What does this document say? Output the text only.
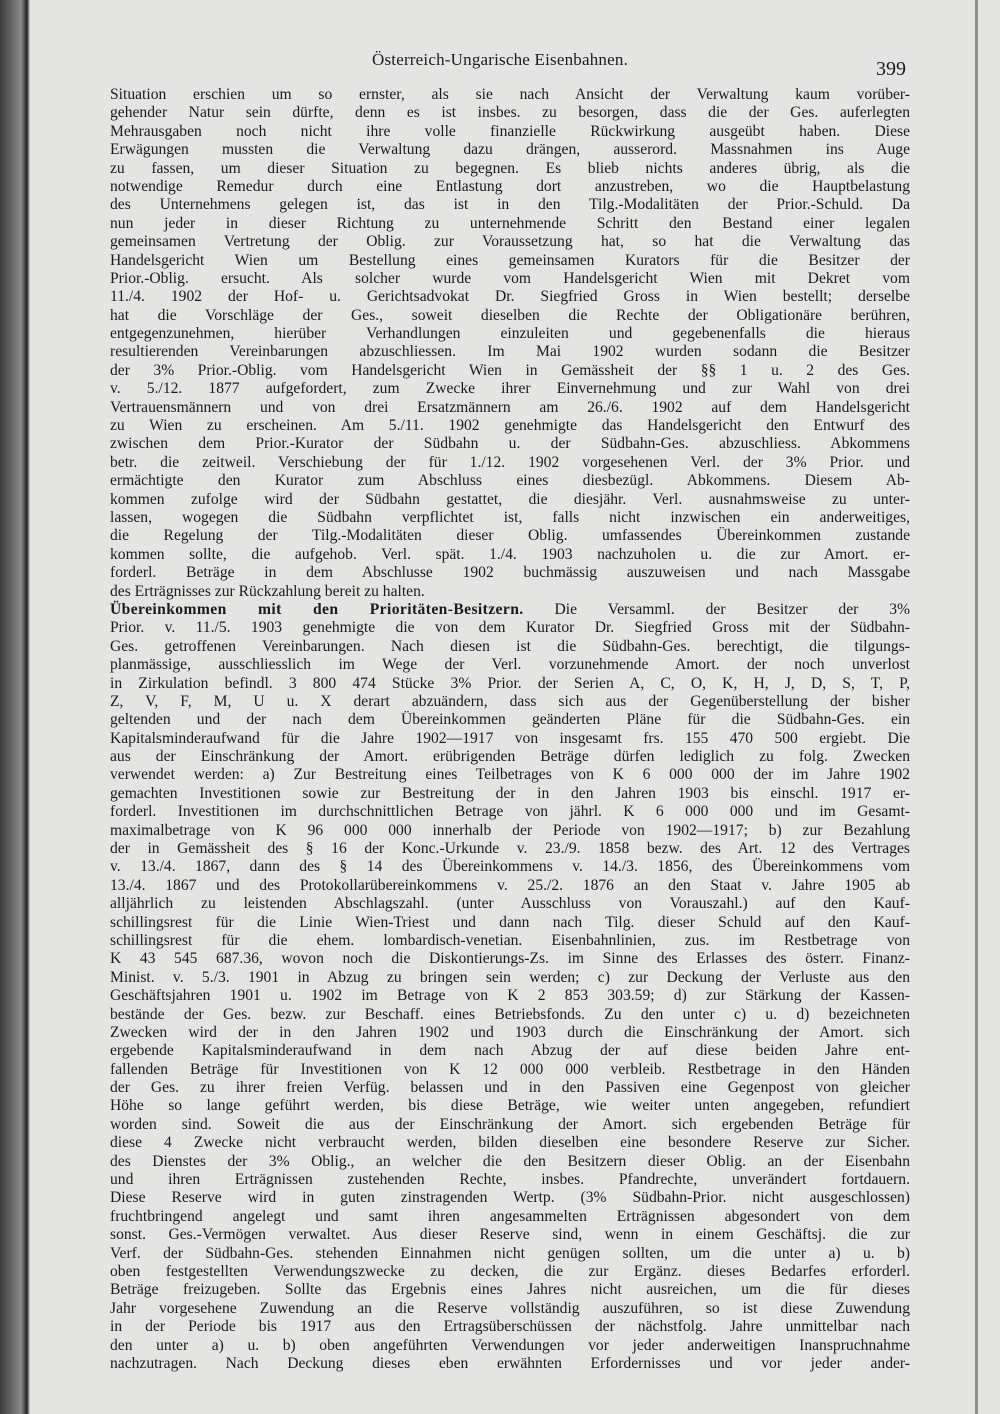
Österreich-Ungarische Eisenbahnen.	399
Situation erschien um so ernster, als sie nach Ansicht der Verwaltung kaum vorüber-
gehender Natur sein dürfte, denn es ist insbes. zu besorgen, dass die der Ges. auferlegten
Mehrausgaben noch nicht ihre volle finanzielle Rückwirkung ausgeübt haben. Diese
Erwägungen mussten die Verwaltung dazu drängen, ausserord. Massnahmen ins Auge
zu fassen, um dieser Situation zu begegnen. Es blieb nichts anderes übrig, als die
notwendige Remedur durch eine Entlastung dort anzustreben, wo die Hauptbelastung
des Unternehmens gelegen ist, das ist in den Tilg.-Modalitäten der Prior.-Schuld. Da
nun jeder in dieser Richtung zu unternehmende Schritt den Bestand einer legalen
gemeinsamen Vertretung der Oblig. zur Voraussetzung hat, so hat die Verwaltung das
Handelsgericht Wien um Bestellung eines gemeinsamen Kurators für die Besitzer der
Prior.-Oblig. ersucht. Als solcher wurde vom Handelsgericht Wien mit Dekret vom
11./4. 1902 der Hof- u. Gerichtsadvokat Dr. Siegfried Gross in Wien bestellt; derselbe
hat die Vorschläge der Ges., soweit dieselben die Rechte der Obligationäre berühren,
entgegenzunehmen, hierüber Verhandlungen einzuleiten und gegebenenfalls die hieraus
resultierenden Vereinbarungen abzuschliessen. Im Mai 1902 wurden sodann die Besitzer
der 3% Prior.-Oblig. vom Handelsgericht Wien in Gemässheit der §§ 1 u. 2 des Ges.
v. 5./12. 1877 aufgefordert, zum Zwecke ihrer Einvernehmung und zur Wahl von drei
Vertrauensmännern und von drei Ersatzmännern am 26./6. 1902 auf dem Handelsgericht
zu Wien zu erscheinen. Am 5./11. 1902 genehmigte das Handelsgericht den Entwurf des
zwischen dem Prior.-Kurator der Südbahn u. der Südbahn-Ges. abzuschliess. Abkommens
betr. die zeitweil. Verschiebung der für 1./12. 1902 vorgesehenen Verl. der 3% Prior. und
ermächtigte den Kurator zum Abschluss eines diesbezügl. Abkommens. Diesem Ab-
kommen zufolge wird der Südbahn gestattet, die diesjähr. Verl. ausnahmsweise zu unter-
lassen, wogegen die Südbahn verpflichtet ist, falls nicht inzwischen ein anderweitiges,
die Regelung der Tilg.-Modalitäten dieser Oblig. umfassendes Übereinkommen zustande
kommen sollte, die aufgehob. Verl. spät. 1./4. 1903 nachzuholen u. die zur Amort. er-
forderl. Beträge in dem Abschlusse 1902 buchmässig auszuweisen und nach Massgabe
des Erträgnisses zur Rückzahlung bereit zu halten.
Übereinkommen mit den Prioritäten-Besitzern. Die Versamml. der Besitzer der 3%
Prior. v. 11./5. 1903 genehmigte die von dem Kurator Dr. Siegfried Gross mit der Südbahn-
Ges. getroffenen Vereinbarungen. Nach diesen ist die Südbahn-Ges. berechtigt, die tilgungs-
planmässige, ausschliesslich im Wege der Verl. vorzunehmende Amort. der noch unverlost
in Zirkulation befindl. 3 800 474 Stücke 3% Prior. der Serien A, C, O, K, H, J, D, S, T, P,
Z, V, F, M, U u. X derart abzuändern, dass sich aus der Gegenüberstellung der bisher
geltenden und der nach dem Übereinkommen geänderten Pläne für die Südbahn-Ges. ein
Kapitalsminderaufwand für die Jahre 1902—1917 von insgesamt frs. 155 470 500 ergiebt. Die
aus der Einschränkung der Amort. erübrigenden Beträge dürfen lediglich zu folg. Zwecken
verwendet werden: a) Zur Bestreitung eines Teilbetrages von K 6 000 000 der im Jahre 1902
gemachten Investitionen sowie zur Bestreitung der in den Jahren 1903 bis einschl. 1917 er-
forderl. Investitionen im durchschnittlichen Betrage von jährl. K 6 000 000 und im Gesamt-
maximalbetrage von K 96 000 000 innerhalb der Periode von 1902—1917; b) zur Bezahlung
der in Gemässheit des § 16 der Konc.-Urkunde v. 23./9. 1858 bezw. des Art. 12 des Vertrages
v. 13./4. 1867, dann des § 14 des Übereinkommens v. 14./3. 1856, des Übereinkommens vom
13./4. 1867 und des Protokollarübereinkommens v. 25./2. 1876 an den Staat v. Jahre 1905 ab
alljährlich zu leistenden Abschlagszahl. (unter Ausschluss von Vorauszahl.) auf den Kauf-
schillingsrest für die Linie Wien-Triest und dann nach Tilg. dieser Schuld auf den Kauf-
schillingsrest für die ehem. lombardisch-venetian. Eisenbahnlinien, zus. im Restbetrage von
K 43 545 687.36, wovon noch die Diskontierungs-Zs. im Sinne des Erlasses des österr. Finanz-
Minist. v. 5./3. 1901 in Abzug zu bringen sein werden; c) zur Deckung der Verluste aus den
Geschäftsjahren 1901 u. 1902 im Betrage von K 2 853 303.59; d) zur Stärkung der Kassen-
bestände der Ges. bezw. zur Beschaff. eines Betriebsfonds. Zu den unter c) u. d) bezeichneten
Zwecken wird der in den Jahren 1902 und 1903 durch die Einschränkung der Amort. sich
ergebende Kapitalsminderaufwand in dem nach Abzug der auf diese beiden Jahre ent-
fallenden Beträge für Investitionen von K 12 000 000 verbleib. Restbetrage in den Händen
der Ges. zu ihrer freien Verfüg. belassen und in den Passiven eine Gegenpost von gleicher
Höhe so lange geführt werden, bis diese Beträge, wie weiter unten angegeben, refundiert
worden sind. Soweit die aus der Einschränkung der Amort. sich ergebenden Beträge für
diese 4 Zwecke nicht verbraucht werden, bilden dieselben eine besondere Reserve zur Sicher.
des Dienstes der 3% Oblig., an welcher die den Besitzern dieser Oblig. an der Eisenbahn
und ihren Erträgnissen zustehenden Rechte, insbes. Pfandrechte, unverändert fortdauern.
Diese Reserve wird in guten zinstragenden Wertp. (3% Südbahn-Prior. nicht ausgeschlossen)
fruchtbringend angelegt und samt ihren angesammelten Erträgnissen abgesondert von dem
sonst. Ges.-Vermögen verwaltet. Aus dieser Reserve sind, wenn in einem Geschäftsj. die zur
Verf. der Südbahn-Ges. stehenden Einnahmen nicht genügen sollten, um die unter a) u. b)
oben festgestellten Verwendungszwecke zu decken, die zur Ergänz. dieses Bedarfes erforderl.
Beträge freizugeben. Sollte das Ergebnis eines Jahres nicht ausreichen, um die für dieses
Jahr vorgesehene Zuwendung an die Reserve vollständig auszuführen, so ist diese Zuwendung
in der Periode bis 1917 aus den Ertragsüberschüssen der nächstfolg. Jahre unmittelbar nach
den unter a) u. b) oben angeführten Verwendungen vor jeder anderweitigen Inanspruchnahme
nachzutragen. Nach Deckung dieses eben erwähnten Erfordernisses und vor jeder ander-
